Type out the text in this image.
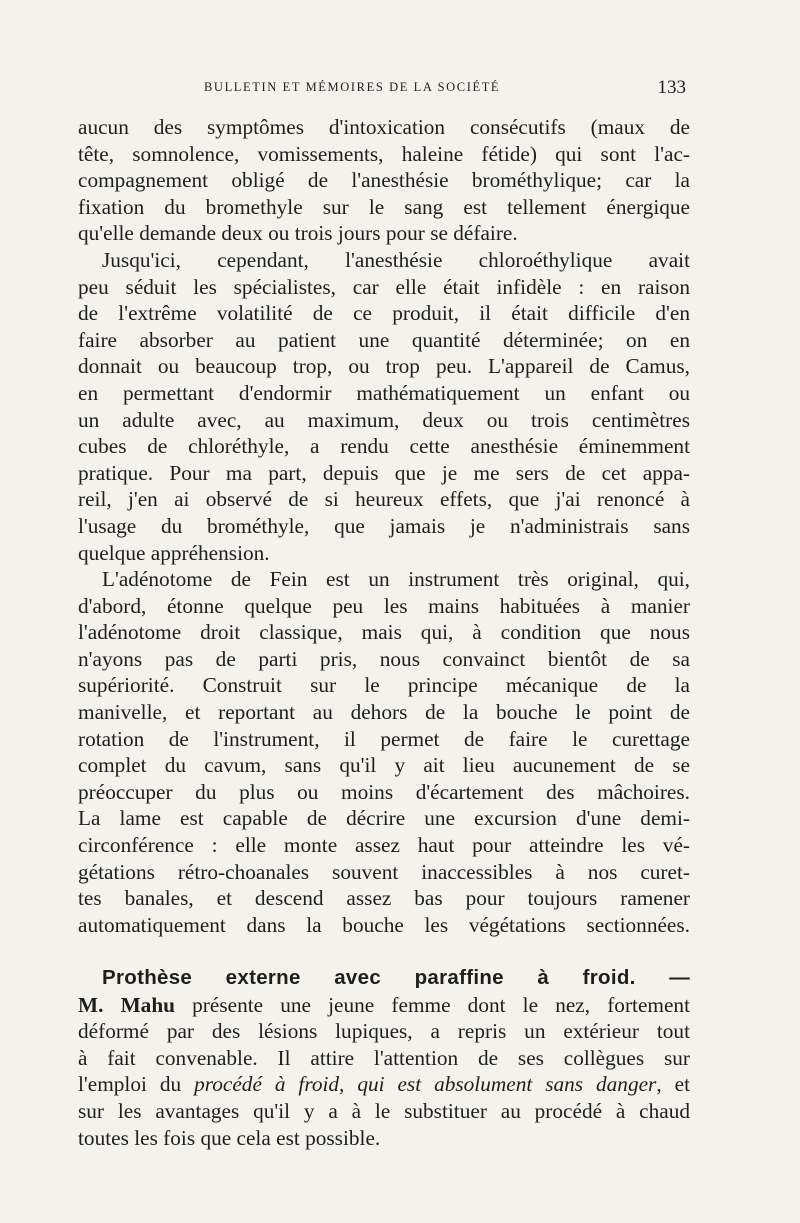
BULLETIN ET MÉMOIRES DE LA SOCIÉTÉ	133
aucun des symptômes d'intoxication consécutifs (maux de
tête, somnolence, vomissements, haleine fétide) qui sont l'ac-
compagnement obligé de l'anesthésie brométhylique; car la
fixation du bromethyle sur le sang est tellement énergique
qu'elle demande deux ou trois jours pour se défaire.
Jusqu'ici, cependant, l'anesthésie chloroéthylique avait
peu séduit les spécialistes, car elle était infidèle : en raison
de l'extrême volatilité de ce produit, il était difficile d'en
faire absorber au patient une quantité déterminée; on en
donnait ou beaucoup trop, ou trop peu. L'appareil de Camus,
en permettant d'endormir mathématiquement un enfant ou
un adulte avec, au maximum, deux ou trois centimètres
cubes de chloréthyle, a rendu cette anesthésie éminemment
pratique. Pour ma part, depuis que je me sers de cet appa-
reil, j'en ai observé de si heureux effets, que j'ai renoncé à
l'usage du brométhyle, que jamais je n'administrais sans
quelque appréhension.
L'adénotome de Fein est un instrument très original, qui,
d'abord, étonne quelque peu les mains habituées à manier
l'adénotome droit classique, mais qui, à condition que nous
n'ayons pas de parti pris, nous convainct bientôt de sa
supériorité. Construit sur le principe mécanique de la
manivelle, et reportant au dehors de la bouche le point de
rotation de l'instrument, il permet de faire le curettage
complet du cavum, sans qu'il y ait lieu aucunement de se
préoccuper du plus ou moins d'écartement des mâchoires.
La lame est capable de décrire une excursion d'une demi-
circonférence : elle monte assez haut pour atteindre les vé-
gétations rétro-choanales souvent inaccessibles à nos curet-
tes banales, et descend assez bas pour toujours ramener
automatiquement dans la bouche les végétations sectionnées.
Prothèse externe avec paraffine à froid. —
M. Mahu présente une jeune femme dont le nez, fortement
déformé par des lésions lupiques, a repris un extérieur tout
à fait convenable. Il attire l'attention de ses collègues sur
l'emploi du procédé à froid, qui est absolument sans danger, et
sur les avantages qu'il y a à le substituer au procédé à chaud
toutes les fois que cela est possible.
